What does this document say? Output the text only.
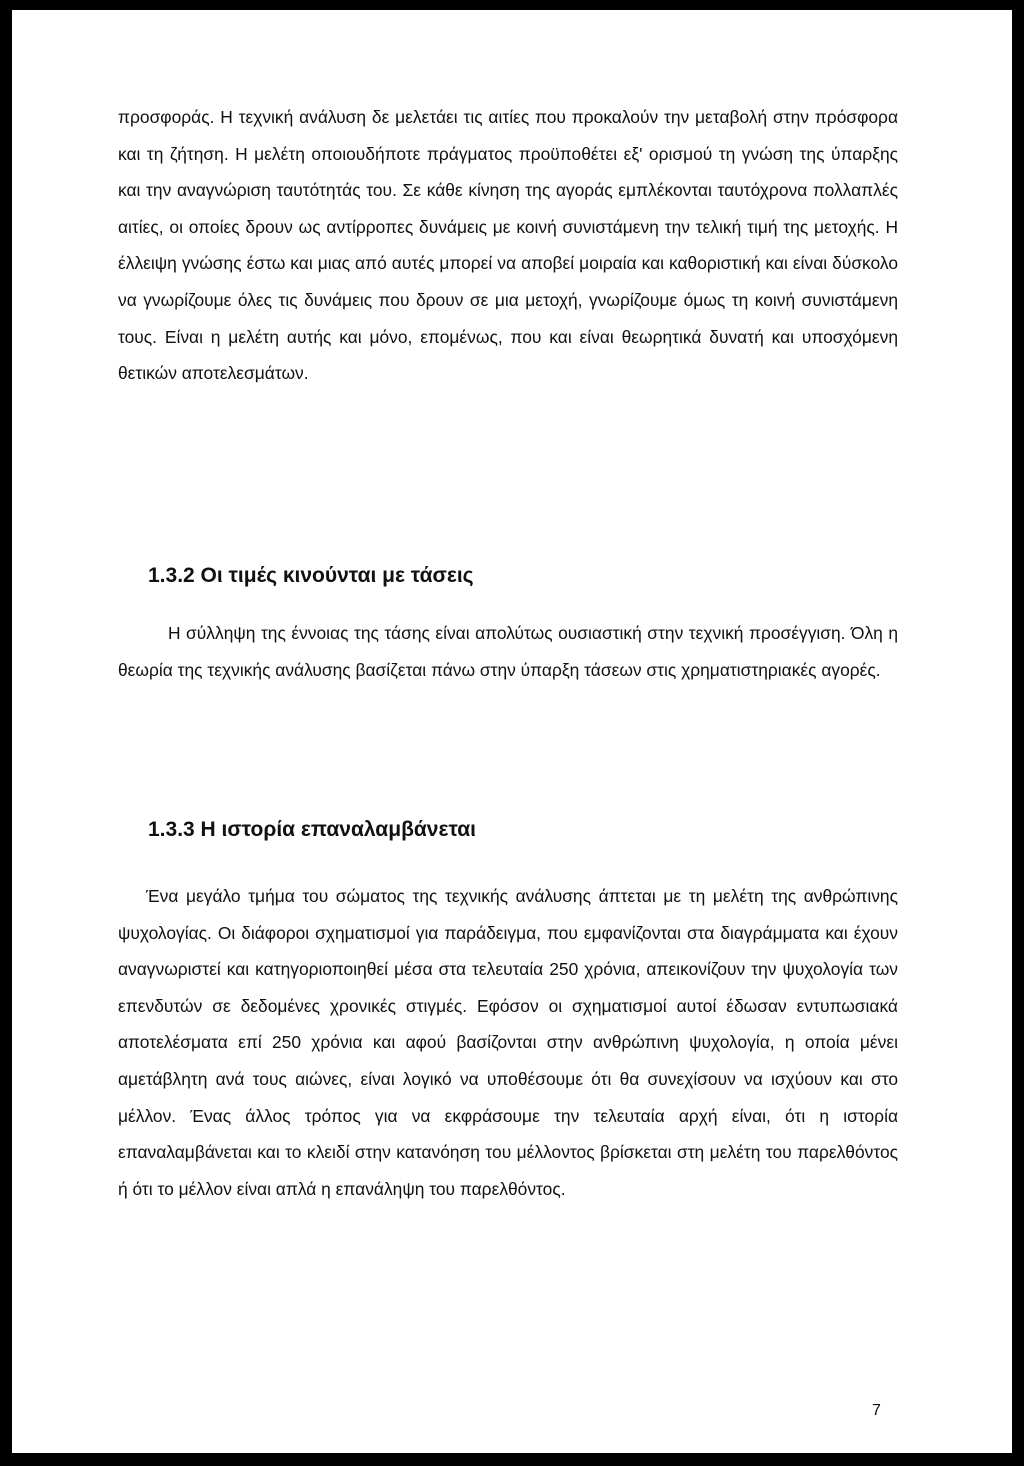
προσφοράς. Η τεχνική ανάλυση δε μελετάει τις αιτίες που προκαλούν την μεταβολή στην πρόσφορα και τη ζήτηση. Η μελέτη οποιουδήποτε πράγματος προϋποθέτει εξ' ορισμού τη γνώση της ύπαρξης και την αναγνώριση ταυτότητάς του. Σε κάθε κίνηση της αγοράς εμπλέκονται ταυτόχρονα πολλαπλές αιτίες, οι οποίες δρουν ως αντίρροπες δυνάμεις με κοινή συνιστάμενη την τελική τιμή της μετοχής. Η έλλειψη γνώσης έστω και μιας από αυτές μπορεί να αποβεί μοιραία και καθοριστική και είναι δύσκολο να γνωρίζουμε όλες τις δυνάμεις που δρουν σε μια μετοχή, γνωρίζουμε όμως τη κοινή συνιστάμενη τους. Είναι η μελέτη αυτής και μόνο, επομένως, που και είναι θεωρητικά δυνατή και υποσχόμενη θετικών αποτελεσμάτων.

1.3.2 Οι τιμές κινούνται με τάσεις

Η σύλληψη της έννοιας της τάσης είναι απολύτως ουσιαστική στην τεχνική προσέγγιση. Όλη η θεωρία της τεχνικής ανάλυσης βασίζεται πάνω στην ύπαρξη τάσεων στις χρηματιστηριακές αγορές.

1.3.3 Η ιστορία επαναλαμβάνεται

Ένα μεγάλο τμήμα του σώματος της τεχνικής ανάλυσης άπτεται με τη μελέτη της ανθρώπινης ψυχολογίας. Οι διάφοροι σχηματισμοί για παράδειγμα, που εμφανίζονται στα διαγράμματα και έχουν αναγνωριστεί και κατηγοριοποιηθεί μέσα στα τελευταία 250 χρόνια, απεικονίζουν την ψυχολογία των επενδυτών σε δεδομένες χρονικές στιγμές. Εφόσον οι σχηματισμοί αυτοί έδωσαν εντυπωσιακά αποτελέσματα επί 250 χρόνια και αφού βασίζονται στην ανθρώπινη ψυχολογία, η οποία μένει αμετάβλητη ανά τους αιώνες, είναι λογικό να υποθέσουμε ότι θα συνεχίσουν να ισχύουν και στο μέλλον. Ένας άλλος τρόπος για να εκφράσουμε την τελευταία αρχή είναι, ότι η ιστορία επαναλαμβάνεται και το κλειδί στην κατανόηση του μέλλοντος βρίσκεται στη μελέτη του παρελθόντος ή ότι το μέλλον είναι απλά η επανάληψη του παρελθόντος.

7
